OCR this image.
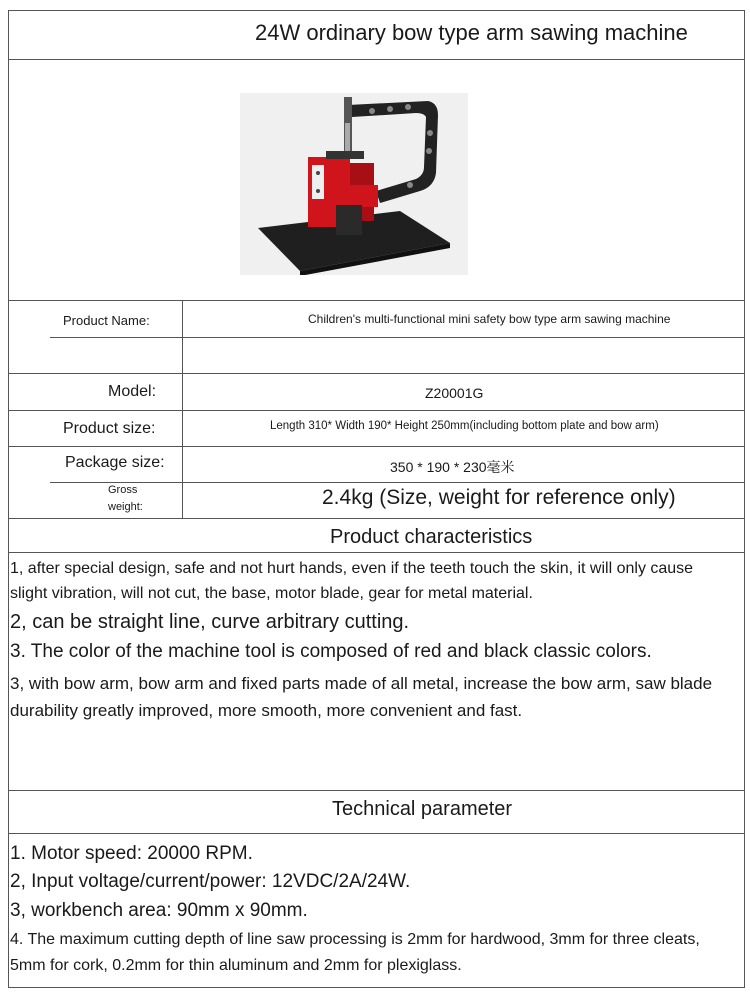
24W ordinary bow type arm sawing machine
Product Name:	Children's multi-functional mini safety bow type arm sawing machine
Model:	Z20001G
Product size:	Length 310* Width 190* Height 250mm(including bottom plate and bow arm)
Package size:	350 * 190 * 230毫米
Gross
weight:	2.4kg (Size, weight for reference only)
Product characteristics
1, after special design, safe and not hurt hands, even if the teeth touch the skin, it will only cause slight vibration, will not cut, the base, motor blade, gear for metal material.
2, can be straight line, curve arbitrary cutting.
3. The color of the machine tool is composed of red and black classic colors.
3, with bow arm, bow arm and fixed parts made of all metal, increase the bow arm, saw blade durability greatly improved, more smooth, more convenient and fast.
Technical parameter
1. Motor speed: 20000 RPM.
2, Input voltage/current/power: 12VDC/2A/24W.
3, workbench area: 90mm x 90mm.
4. The maximum cutting depth of line saw processing is 2mm for hardwood, 3mm for three cleats, 5mm for cork, 0.2mm for thin aluminum and 2mm for plexiglass.
